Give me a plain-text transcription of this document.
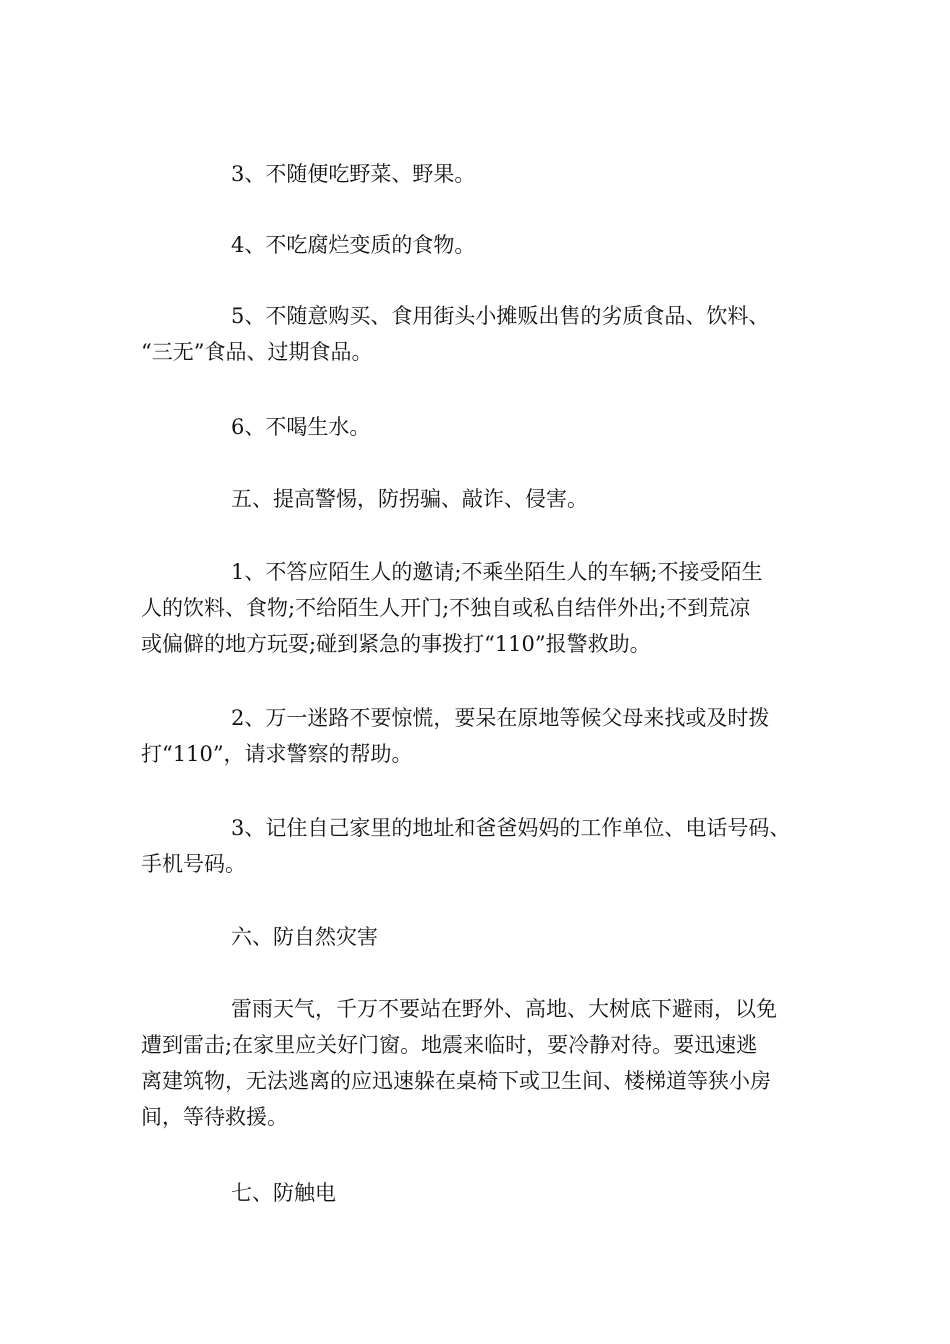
3、不随便吃野菜、野果。
4、不吃腐烂变质的食物。
5、不随意购买、食用街头小摊贩出售的劣质食品、饮料、
“三无”食品、过期食品。
6、不喝生水。
五、提高警惕，防拐骗、敲诈、侵害。
1、不答应陌生人的邀请;不乘坐陌生人的车辆;不接受陌生
人的饮料、食物;不给陌生人开门;不独自或私自结伴外出;不到荒凉
或偏僻的地方玩耍;碰到紧急的事拨打“110”报警救助。
2、万一迷路不要惊慌，要呆在原地等候父母来找或及时拨
打“110”，请求警察的帮助。
3、记住自己家里的地址和爸爸妈妈的工作单位、电话号码、
手机号码。
六、防自然灾害
雷雨天气，千万不要站在野外、高地、大树底下避雨，以免
遭到雷击;在家里应关好门窗。地震来临时，要冷静对待。要迅速逃
离建筑物，无法逃离的应迅速躲在桌椅下或卫生间、楼梯道等狭小房
间，等待救援。
七、防触电
